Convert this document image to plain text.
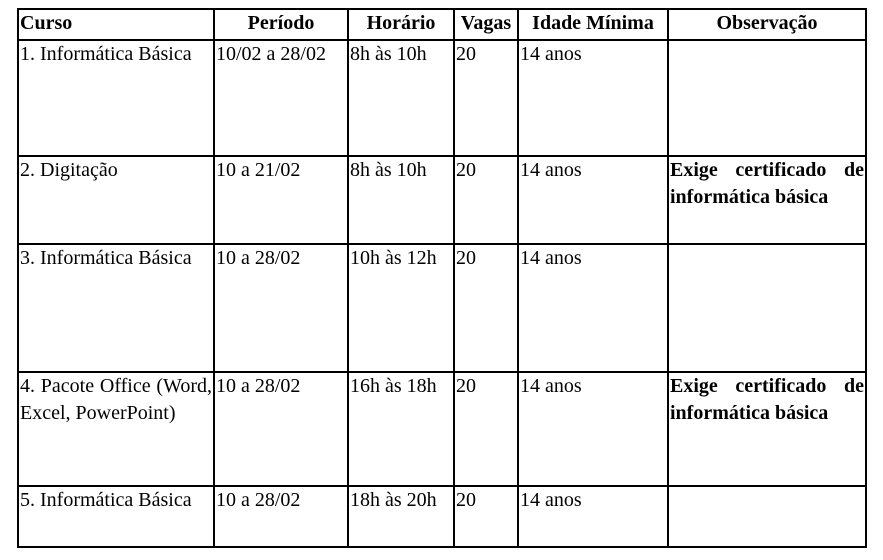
Curso	Período	Horário	Vagas	Idade Mínima	Observação
1. Informática Básica	10/02 a 28/02	8h às 10h	20	14 anos	
2. Digitação	10 a 21/02	8h às 10h	20	14 anos	Exige certificado de informática básica
3. Informática Básica	10 a 28/02	10h às 12h	20	14 anos	
4. Pacote Office (Word, Excel, PowerPoint)	10 a 28/02	16h às 18h	20	14 anos	Exige certificado de informática básica
5. Informática Básica	10 a 28/02	18h às 20h	20	14 anos	
